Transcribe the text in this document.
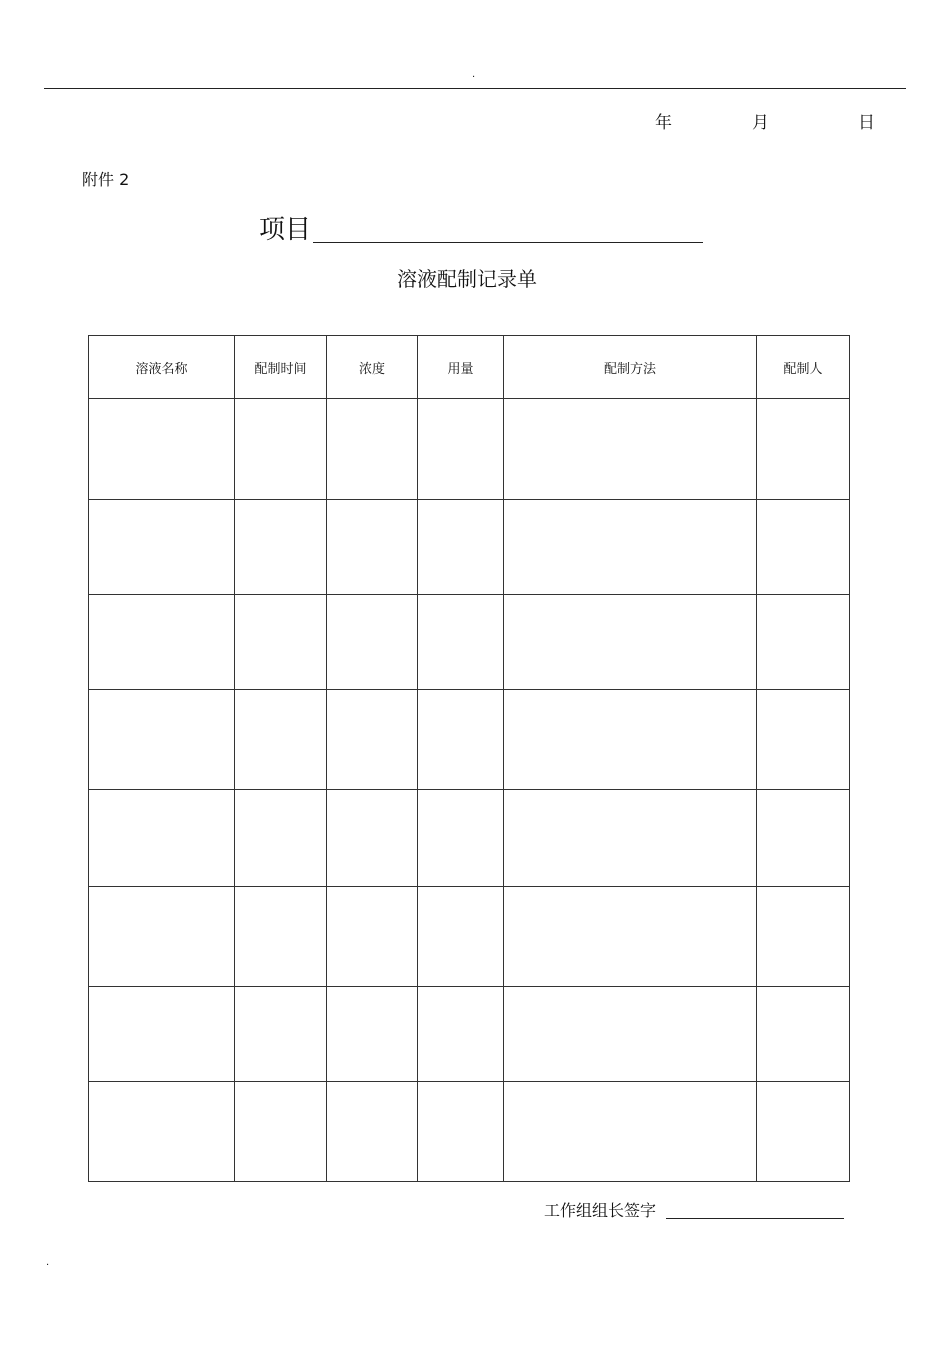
.
年	月	日
附件 2
项目
溶液配制记录单
溶液名称	配制时间	浓度	用量	配制方法	配制人

工作组组长签字
.
